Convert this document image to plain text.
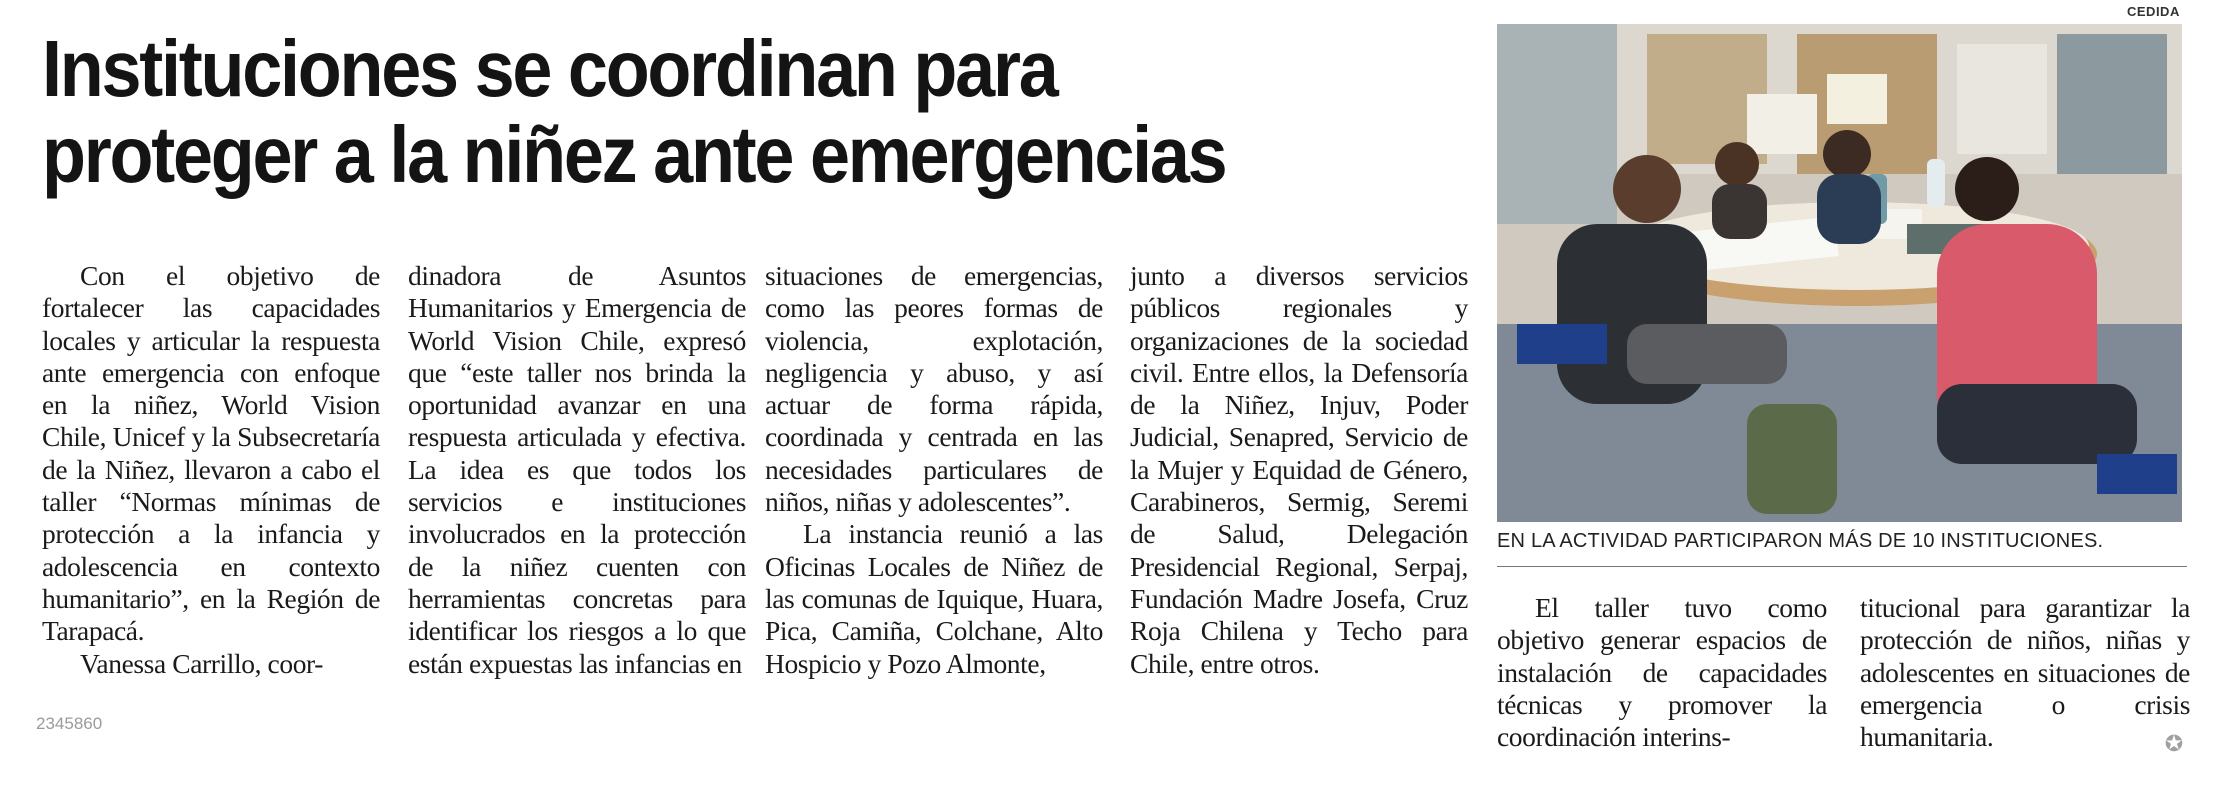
Instituciones se coordinan para proteger a la niñez ante emergencias

Con el objetivo de fortalecer las capacidades locales y articular la respuesta ante emergencia con enfoque en la niñez, World Vision Chile, Unicef y la Subsecretaría de la Niñez, llevaron a cabo el taller “Normas mínimas de protección a la infancia y adolescencia en contexto humanitario”, en la Región de Tarapacá.

Vanessa Carrillo, coor-

dinadora de Asuntos Humanitarios y Emergencia de World Vision Chile, expresó que “este taller nos brinda la oportunidad avanzar en una respuesta articulada y efectiva. La idea es que todos los servicios e instituciones involucrados en la protección de la niñez cuenten con herramientas concretas para identificar los riesgos a lo que están expuestas las infancias en

situaciones de emergencias, como las peores formas de violencia, explotación, negligencia y abuso, y así actuar de forma rápida, coordinada y centrada en las necesidades particulares de niños, niñas y adolescentes”.

La instancia reunió a las Oficinas Locales de Niñez de las comunas de Iquique, Huara, Pica, Camiña, Colchane, Alto Hospicio y Pozo Almonte,

junto a diversos servicios públicos regionales y organizaciones de la sociedad civil. Entre ellos, la Defensoría de la Niñez, Injuv, Poder Judicial, Senapred, Servicio de la Mujer y Equidad de Género, Carabineros, Sermig, Seremi de Salud, Delegación Presidencial Regional, Serpaj, Fundación Madre Josefa, Cruz Roja Chilena y Techo para Chile, entre otros.

CEDIDA
EN LA ACTIVIDAD PARTICIPARON MÁS DE 10 INSTITUCIONES.

El taller tuvo como objetivo generar espacios de instalación de capacidades técnicas y promover la coordinación interins-

titucional para garantizar la protección de niños, niñas y adolescentes en situaciones de emergencia o crisis humanitaria.

2345860
✪
